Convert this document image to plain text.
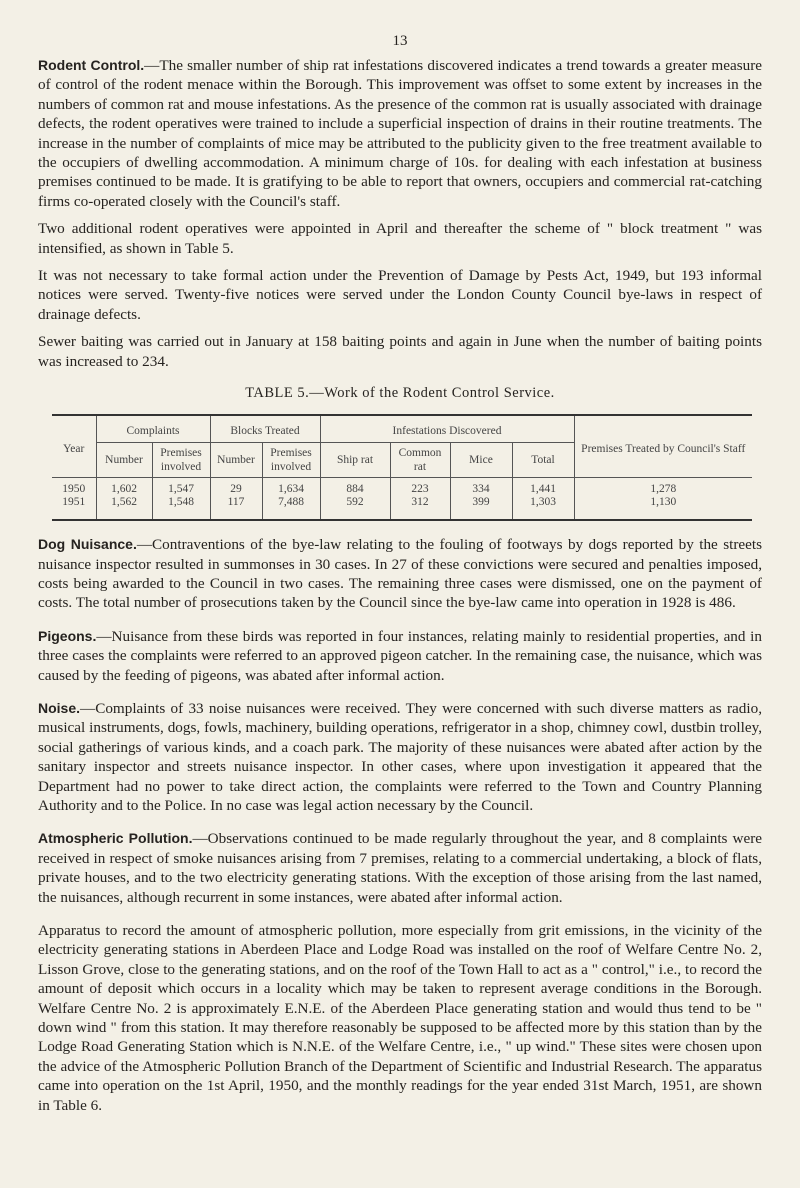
13

Rodent Control.—The smaller number of ship rat infestations discovered indicates a trend towards a greater measure of control of the rodent menace within the Borough. This improvement was offset to some extent by increases in the numbers of common rat and mouse infestations. As the presence of the common rat is usually associated with drainage defects, the rodent operatives were trained to include a superficial inspection of drains in their routine treatments. The increase in the number of complaints of mice may be attributed to the publicity given to the free treatment available to the occupiers of dwelling accommodation. A minimum charge of 10s. for dealing with each infestation at business premises continued to be made. It is gratifying to be able to report that owners, occupiers and commercial rat-catching firms co-operated closely with the Council's staff.

Two additional rodent operatives were appointed in April and thereafter the scheme of " block treatment " was intensified, as shown in Table 5.

It was not necessary to take formal action under the Prevention of Damage by Pests Act, 1949, but 193 informal notices were served. Twenty-five notices were served under the London County Council bye-laws in respect of drainage defects.

Sewer baiting was carried out in January at 158 baiting points and again in June when the number of baiting points was increased to 234.

TABLE 5.—Work of the Rodent Control Service.
Year	Complaints		Blocks Treated		Infestations Discovered				Premises Treated by Council's Staff
	Number	Premises involved	Number	Premises involved	Ship rat	Common rat	Mice	Total	
1950	1,602	1,547	29	1,634	884	223	334	1,441	1,278
1951	1,562	1,548	117	7,488	592	312	399	1,303	1,130

Dog Nuisance.—Contraventions of the bye-law relating to the fouling of footways by dogs reported by the streets nuisance inspector resulted in summonses in 30 cases. In 27 of these convictions were secured and penalties imposed, costs being awarded to the Council in two cases. The remaining three cases were dismissed, one on the payment of costs. The total number of prosecutions taken by the Council since the bye-law came into operation in 1928 is 486.

Pigeons.—Nuisance from these birds was reported in four instances, relating mainly to residential properties, and in three cases the complaints were referred to an approved pigeon catcher. In the remaining case, the nuisance, which was caused by the feeding of pigeons, was abated after informal action.

Noise.—Complaints of 33 noise nuisances were received. They were concerned with such diverse matters as radio, musical instruments, dogs, fowls, machinery, building operations, refrigerator in a shop, chimney cowl, dustbin trolley, social gatherings of various kinds, and a coach park. The majority of these nuisances were abated after action by the sanitary inspector and streets nuisance inspector. In other cases, where upon investigation it appeared that the Department had no power to take direct action, the complaints were referred to the Town and Country Planning Authority and to the Police. In no case was legal action necessary by the Council.

Atmospheric Pollution.—Observations continued to be made regularly throughout the year, and 8 complaints were received in respect of smoke nuisances arising from 7 premises, relating to a commercial undertaking, a block of flats, private houses, and to the two electricity generating stations. With the exception of those arising from the last named, the nuisances, although recurrent in some instances, were abated after informal action.

Apparatus to record the amount of atmospheric pollution, more especially from grit emissions, in the vicinity of the electricity generating stations in Aberdeen Place and Lodge Road was installed on the roof of Welfare Centre No. 2, Lisson Grove, close to the generating stations, and on the roof of the Town Hall to act as a " control," i.e., to record the amount of deposit which occurs in a locality which may be taken to represent average conditions in the Borough. Welfare Centre No. 2 is approximately E.N.E. of the Aberdeen Place generating station and would thus tend to be " down wind " from this station. It may therefore reasonably be supposed to be affected more by this station than by the Lodge Road Generating Station which is N.N.E. of the Welfare Centre, i.e., " up wind." These sites were chosen upon the advice of the Atmospheric Pollution Branch of the Department of Scientific and Industrial Research. The apparatus came into operation on the 1st April, 1950, and the monthly readings for the year ended 31st March, 1951, are shown in Table 6.
